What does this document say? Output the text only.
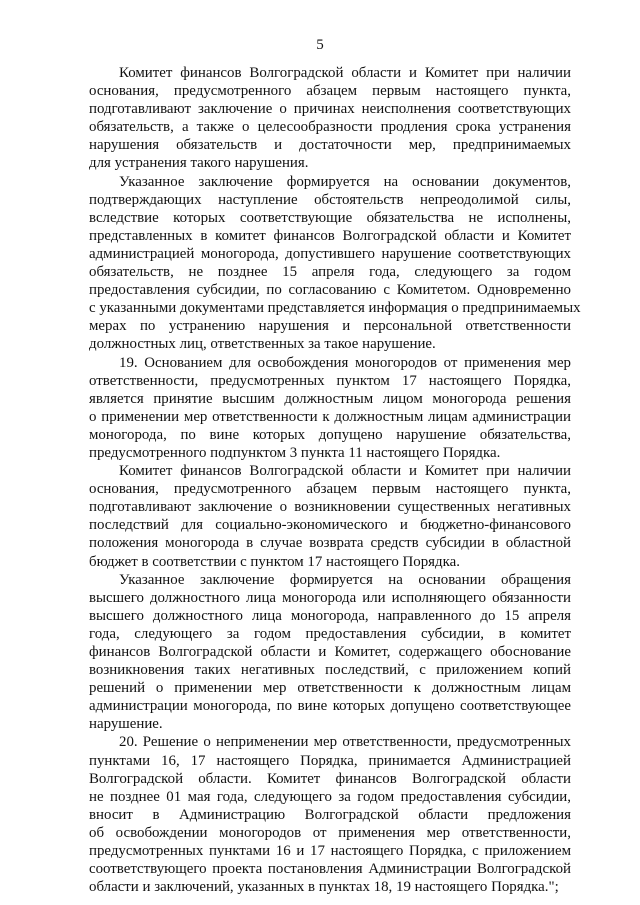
5
Комитет финансов Волгоградской области и Комитет при наличии
основания, предусмотренного абзацем первым настоящего пункта,
подготавливают заключение о причинах неисполнения соответствующих
обязательств, а также о целесообразности продления срока устранения
нарушения обязательств и достаточности мер, предпринимаемых
для устранения такого нарушения.
Указанное заключение формируется на основании документов,
подтверждающих наступление обстоятельств непреодолимой силы,
вследствие которых соответствующие обязательства не исполнены,
представленных в комитет финансов Волгоградской области и Комитет
администрацией моногорода, допустившего нарушение соответствующих
обязательств, не позднее 15 апреля года, следующего за годом
предоставления субсидии, по согласованию с Комитетом. Одновременно
с указанными документами представляется информация о предпринимаемых
мерах по устранению нарушения и персональной ответственности
должностных лиц, ответственных за такое нарушение.
19. Основанием для освобождения моногородов от применения мер
ответственности, предусмотренных пунктом 17 настоящего Порядка,
является принятие высшим должностным лицом моногорода решения
о применении мер ответственности к должностным лицам администрации
моногорода, по вине которых допущено нарушение обязательства,
предусмотренного подпунктом 3 пункта 11 настоящего Порядка.
Комитет финансов Волгоградской области и Комитет при наличии
основания, предусмотренного абзацем первым настоящего пункта,
подготавливают заключение о возникновении существенных негативных
последствий для социально-экономического и бюджетно-финансового
положения моногорода в случае возврата средств субсидии в областной
бюджет в соответствии с пунктом 17 настоящего Порядка.
Указанное заключение формируется на основании обращения
высшего должностного лица моногорода или исполняющего обязанности
высшего должностного лица моногорода, направленного до 15 апреля
года, следующего за годом предоставления субсидии, в комитет
финансов Волгоградской области и Комитет, содержащего обоснование
возникновения таких негативных последствий, с приложением копий
решений о применении мер ответственности к должностным лицам
администрации моногорода, по вине которых допущено соответствующее
нарушение.
20. Решение о неприменении мер ответственности, предусмотренных
пунктами 16, 17 настоящего Порядка, принимается Администрацией
Волгоградской области. Комитет финансов Волгоградской области
не позднее 01 мая года, следующего за годом предоставления субсидии,
вносит в Администрацию Волгоградской области предложения
об освобождении моногородов от применения мер ответственности,
предусмотренных пунктами 16 и 17 настоящего Порядка, с приложением
соответствующего проекта постановления Администрации Волгоградской
области и заключений, указанных в пунктах 18, 19 настоящего Порядка.";
